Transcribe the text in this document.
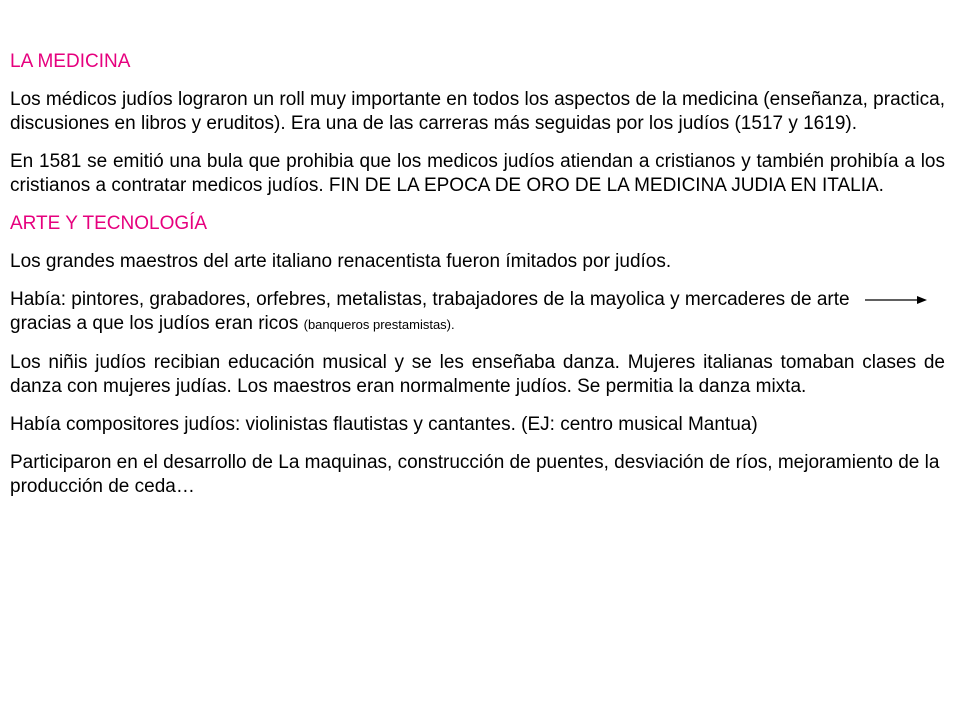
LA MEDICINA
Los médicos judíos lograron un roll muy importante en todos los aspectos de la medicina (enseñanza, practica, discusiones en libros y eruditos). Era una de las carreras más seguidas por los judíos (1517 y 1619).
En 1581 se emitió una bula que prohibia que los medicos judíos atiendan a cristianos y también prohibía a los cristianos a contratar medicos judíos. FIN DE LA EPOCA DE ORO DE LA MEDICINA JUDIA EN ITALIA.
ARTE Y TECNOLOGÍA
Los grandes maestros del arte italiano renacentista fueron ímitados por judíos.
Había: pintores, grabadores, orfebres, metalistas, trabajadores de la mayolica y mercaderes de arte  gracias a que los judíos eran ricos (banqueros prestamistas).
Los niñis judíos recibian educación musical y se les enseñaba danza. Mujeres italianas tomaban clases de danza con mujeres judías. Los maestros eran normalmente judíos. Se permitia la danza mixta.
Había compositores judíos: violinistas flautistas y cantantes. (EJ: centro musical Mantua)
Participaron en el desarrollo de La maquinas, construcción de puentes, desviación de ríos, mejoramiento de la producción de ceda…
